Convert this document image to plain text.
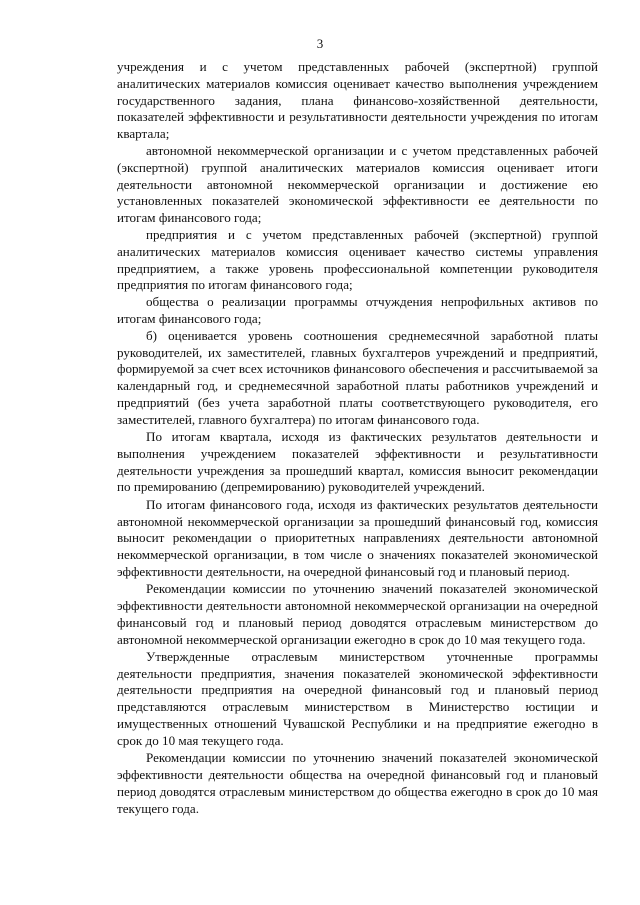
3

учреждения и с учетом представленных рабочей (экспертной) группой аналитических материалов комиссия оценивает качество выполнения учреждением государственного задания, плана финансово-хозяйственной деятельности, показателей эффективности и результативности деятельности учреждения по итогам квартала;

автономной некоммерческой организации и с учетом представленных рабочей (экспертной) группой аналитических материалов комиссия оценивает итоги деятельности автономной некоммерческой организации и достижение ею установленных показателей экономической эффективности ее деятельности по итогам финансового года;

предприятия и с учетом представленных рабочей (экспертной) группой аналитических материалов комиссия оценивает качество системы управления предприятием, а также уровень профессиональной компетенции руководителя предприятия по итогам финансового года;

общества о реализации программы отчуждения непрофильных активов по итогам финансового года;

б) оценивается уровень соотношения среднемесячной заработной платы руководителей, их заместителей, главных бухгалтеров учреждений и предприятий, формируемой за счет всех источников финансового обеспечения и рассчитываемой за календарный год, и среднемесячной заработной платы работников учреждений и предприятий (без учета заработной платы соответствующего руководителя, его заместителей, главного бухгалтера) по итогам финансового года.

По итогам квартала, исходя из фактических результатов деятельности и выполнения учреждением показателей эффективности и результативности деятельности учреждения за прошедший квартал, комиссия выносит рекомендации по премированию (депремированию) руководителей учреждений.

По итогам финансового года, исходя из фактических результатов деятельности автономной некоммерческой организации за прошедший финансовый год, комиссия выносит рекомендации о приоритетных направлениях деятельности автономной некоммерческой организации, в том числе о значениях показателей экономической эффективности деятельности, на очередной финансовый год и плановый период.

Рекомендации комиссии по уточнению значений показателей экономической эффективности деятельности автономной некоммерческой организации на очередной финансовый год и плановый период доводятся отраслевым министерством до автономной некоммерческой организации ежегодно в срок до 10 мая текущего года.

Утвержденные отраслевым министерством уточненные программы деятельности предприятия, значения показателей экономической эффективности деятельности предприятия на очередной финансовый год и плановый период представляются отраслевым министерством в Министерство юстиции и имущественных отношений Чувашской Республики и на предприятие ежегодно в срок до 10 мая текущего года.

Рекомендации комиссии по уточнению значений показателей экономической эффективности деятельности общества на очередной финансовый год и плановый период доводятся отраслевым министерством до общества ежегодно в срок до 10 мая текущего года.
